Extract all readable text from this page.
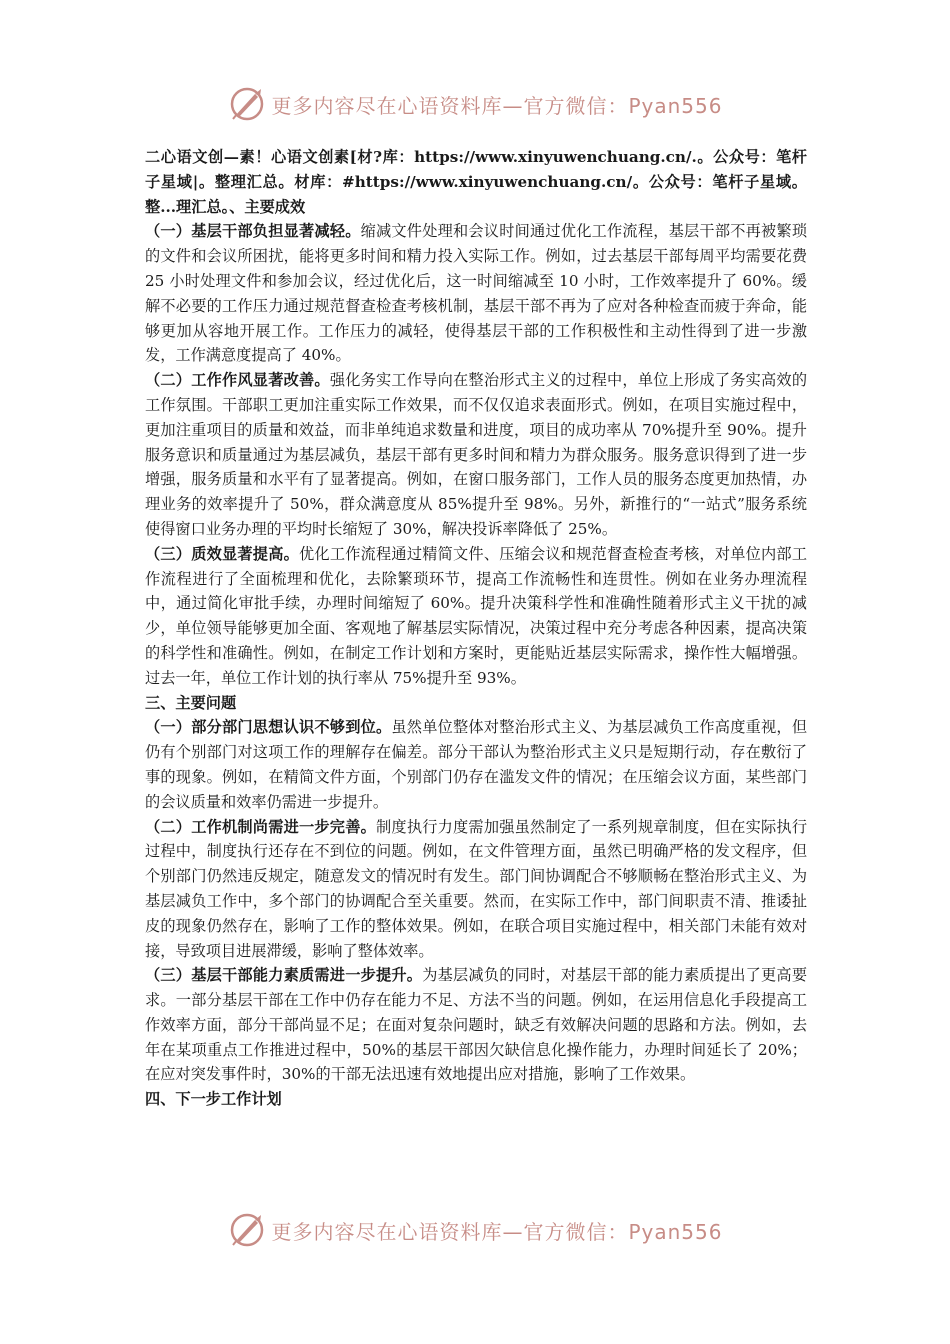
更多内容尽在心语资料库—官方微信：Pyan556

二心语文创—素！心语文创素[材?库：https://www.xinyuwenchuang.cn/.。公众号：笔杆子星域|。整理汇总。材库：#https://www.xinyuwenchuang.cn/。公众号：笔杆子星域。整...理汇总。、主要成效

（一）基层干部负担显著减轻。缩减文件处理和会议时间通过优化工作流程，基层干部不再被繁琐的文件和会议所困扰，能将更多时间和精力投入实际工作。例如，过去基层干部每周平均需要花费 25 小时处理文件和参加会议，经过优化后，这一时间缩减至 10 小时，工作效率提升了 60%。缓解不必要的工作压力通过规范督查检查考核机制，基层干部不再为了应对各种检查而疲于奔命，能够更加从容地开展工作。工作压力的减轻，使得基层干部的工作积极性和主动性得到了进一步激发，工作满意度提高了 40%。

（二）工作作风显著改善。强化务实工作导向在整治形式主义的过程中，单位上形成了务实高效的工作氛围。干部职工更加注重实际工作效果，而不仅仅追求表面形式。例如，在项目实施过程中，更加注重项目的质量和效益，而非单纯追求数量和进度，项目的成功率从 70%提升至 90%。提升服务意识和质量通过为基层减负，基层干部有更多时间和精力为群众服务。服务意识得到了进一步增强，服务质量和水平有了显著提高。例如，在窗口服务部门，工作人员的服务态度更加热情，办理业务的效率提升了 50%，群众满意度从 85%提升至 98%。另外，新推行的“一站式”服务系统使得窗口业务办理的平均时长缩短了 30%，解决投诉率降低了 25%。

（三）质效显著提高。优化工作流程通过精简文件、压缩会议和规范督查检查考核，对单位内部工作流程进行了全面梳理和优化，去除繁琐环节，提高工作流畅性和连贯性。例如在业务办理流程中，通过简化审批手续，办理时间缩短了 60%。提升决策科学性和准确性随着形式主义干扰的减少，单位领导能够更加全面、客观地了解基层实际情况，决策过程中充分考虑各种因素，提高决策的科学性和准确性。例如，在制定工作计划和方案时，更能贴近基层实际需求，操作性大幅增强。过去一年，单位工作计划的执行率从 75%提升至 93%。

三、主要问题

（一）部分部门思想认识不够到位。虽然单位整体对整治形式主义、为基层减负工作高度重视，但仍有个别部门对这项工作的理解存在偏差。部分干部认为整治形式主义只是短期行动，存在敷衍了事的现象。例如，在精简文件方面，个别部门仍存在滥发文件的情况；在压缩会议方面，某些部门的会议质量和效率仍需进一步提升。

（二）工作机制尚需进一步完善。制度执行力度需加强虽然制定了一系列规章制度，但在实际执行过程中，制度执行还存在不到位的问题。例如，在文件管理方面，虽然已明确严格的发文程序，但个别部门仍然违反规定，随意发文的情况时有发生。部门间协调配合不够顺畅在整治形式主义、为基层减负工作中，多个部门的协调配合至关重要。然而，在实际工作中，部门间职责不清、推诿扯皮的现象仍然存在，影响了工作的整体效果。例如，在联合项目实施过程中，相关部门未能有效对接，导致项目进展滞缓，影响了整体效率。

（三）基层干部能力素质需进一步提升。为基层减负的同时，对基层干部的能力素质提出了更高要求。一部分基层干部在工作中仍存在能力不足、方法不当的问题。例如，在运用信息化手段提高工作效率方面，部分干部尚显不足；在面对复杂问题时，缺乏有效解决问题的思路和方法。例如，去年在某项重点工作推进过程中，50%的基层干部因欠缺信息化操作能力，办理时间延长了 20%；在应对突发事件时，30%的干部无法迅速有效地提出应对措施，影响了工作效果。

四、下一步工作计划

更多内容尽在心语资料库—官方微信：Pyan556
